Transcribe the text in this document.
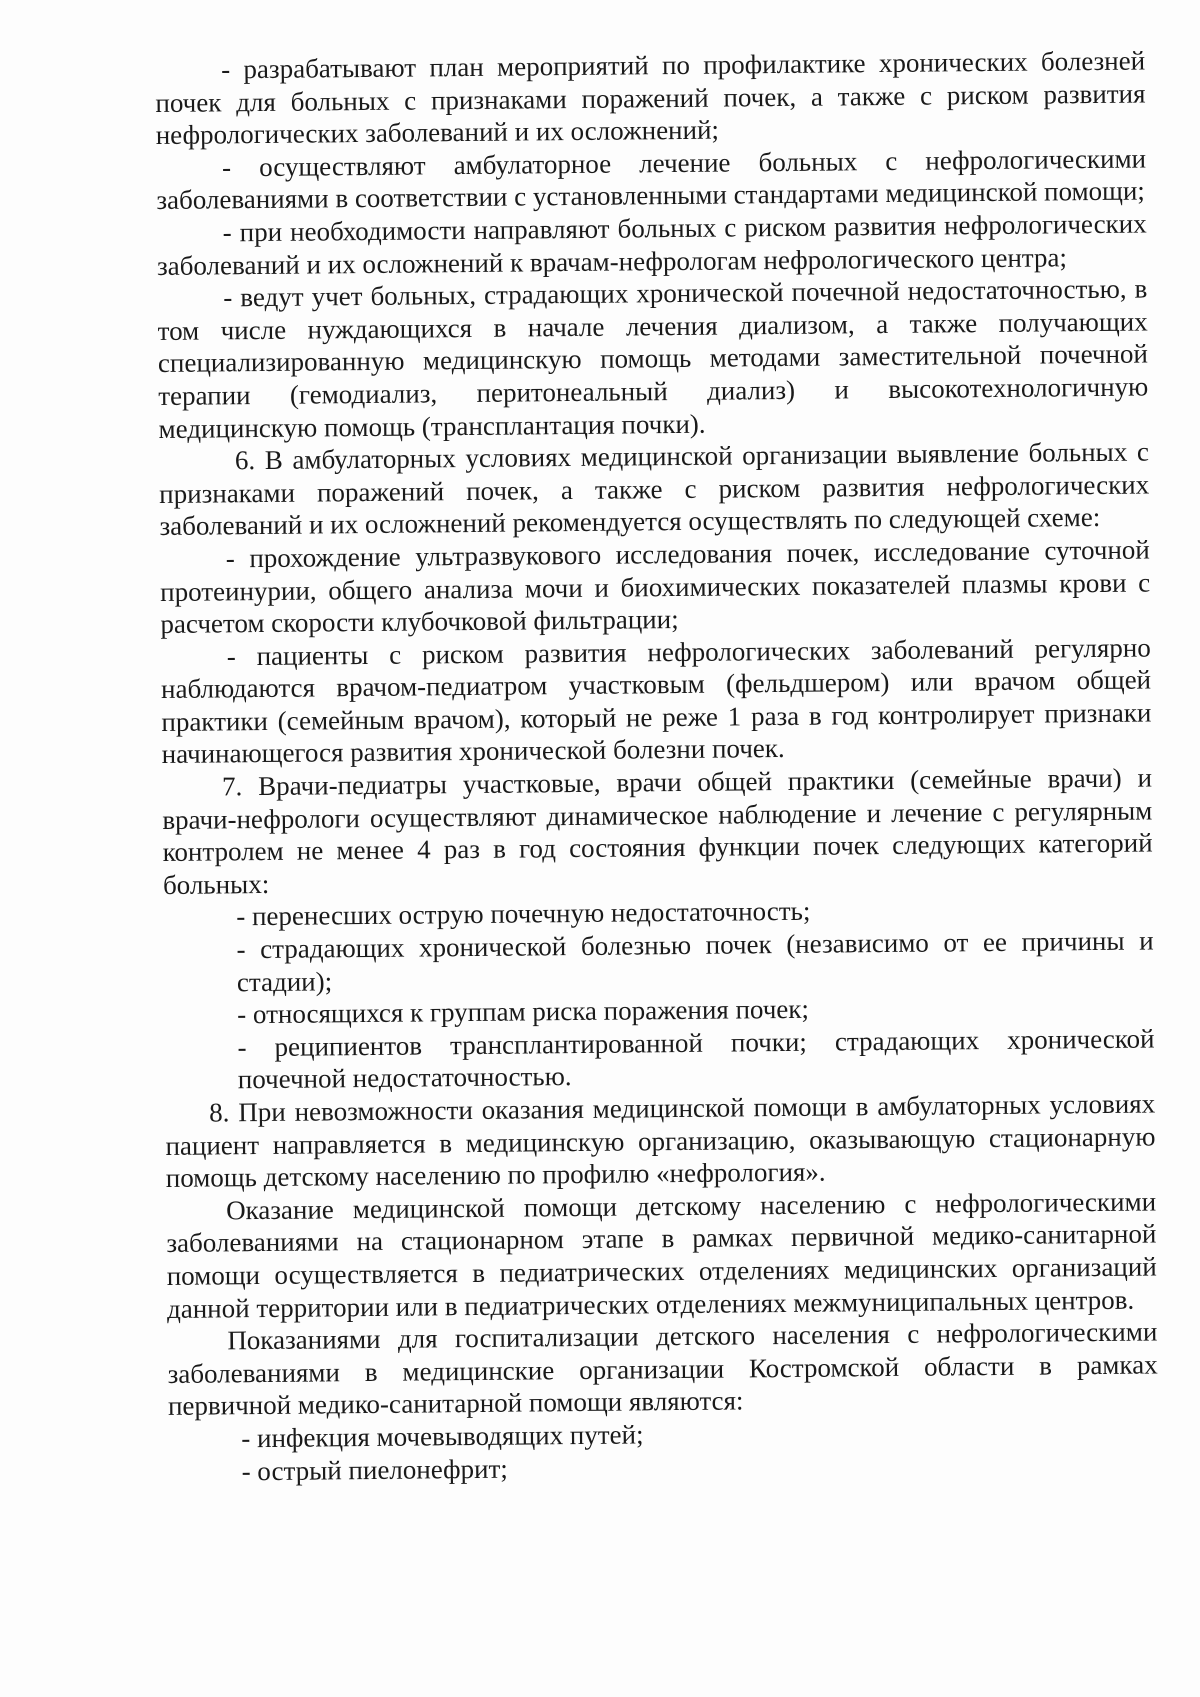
- разрабатывают план мероприятий по профилактике хронических болезней почек для больных с признаками поражений почек, а также с риском развития нефрологических заболеваний и их осложнений;

- осуществляют амбулаторное лечение больных с нефрологическими заболеваниями в соответствии с установленными стандартами медицинской помощи;

- при необходимости направляют больных с риском развития нефрологических заболеваний и их осложнений к врачам-нефрологам нефрологического центра;

- ведут учет больных, страдающих хронической почечной недостаточностью, в том числе нуждающихся в начале лечения диализом, а также получающих специализированную медицинскую помощь методами заместительной почечной терапии (гемодиализ, перитонеальный диализ) и высокотехнологичную медицинскую помощь (трансплантация почки).

6. В амбулаторных условиях медицинской организации выявление больных с признаками поражений почек, а также с риском развития нефрологических заболеваний и их осложнений рекомендуется осуществлять по следующей схеме:

- прохождение ультразвукового исследования почек, исследование суточной протеинурии, общего анализа мочи и биохимических показателей плазмы крови с расчетом скорости клубочковой фильтрации;

- пациенты с риском развития нефрологических заболеваний регулярно наблюдаются врачом-педиатром участковым (фельдшером) или врачом общей практики (семейным врачом), который не реже 1 раза в год контролирует признаки начинающегося развития хронической болезни почек.

7. Врачи-педиатры участковые, врачи общей практики (семейные врачи) и врачи-нефрологи осуществляют динамическое наблюдение и лечение с регулярным контролем не менее 4 раз в год состояния функции почек следующих категорий больных:

- перенесших острую почечную недостаточность;

- страдающих хронической болезнью почек (независимо от ее причины и стадии);

- относящихся к группам риска поражения почек;

- реципиентов трансплантированной почки; страдающих хронической почечной недостаточностью.

8. При невозможности оказания медицинской помощи в амбулаторных условиях пациент направляется в медицинскую организацию, оказывающую стационарную помощь детскому населению по профилю «нефрология».

Оказание медицинской помощи детскому населению с нефрологическими заболеваниями на стационарном этапе в рамках первичной медико-санитарной помощи осуществляется в педиатрических отделениях медицинских организаций данной территории или в педиатрических отделениях межмуниципальных центров.

Показаниями для госпитализации детского населения с нефрологическими заболеваниями в медицинские организации Костромской области в рамках первичной медико-санитарной помощи являются:

- инфекция мочевыводящих путей;

- острый пиелонефрит;
